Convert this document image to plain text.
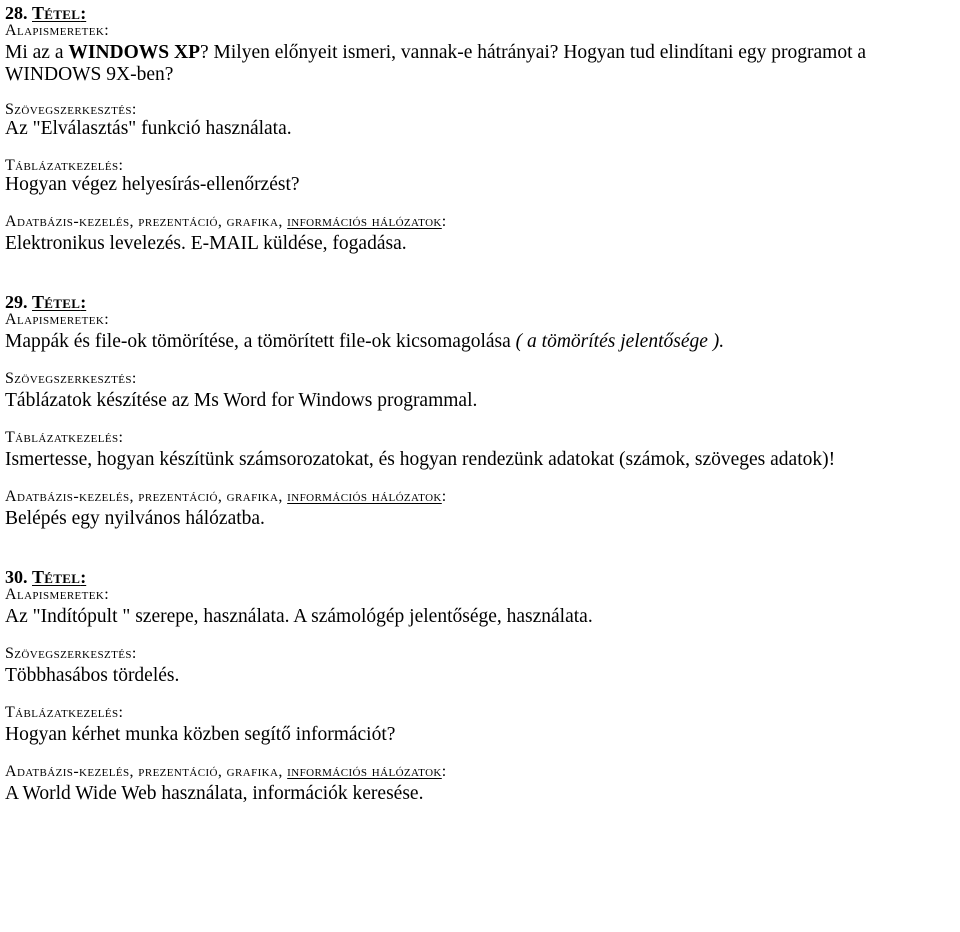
28. Tétel:
Alapismeretek:
Mi az a WINDOWS XP? Milyen előnyeit ismeri, vannak-e hátrányai? Hogyan tud elindítani egy programot a WINDOWS 9X-ben?
Szövegszerkesztés:
Az "Elválasztás" funkció használata.
Táblázatkezelés:
Hogyan végez helyesírás-ellenőrzést?
Adatbázis-kezelés, prezentáció, grafika, információs hálózatok:
Elektronikus levelezés. E-MAIL küldése, fogadása.
29. Tétel:
Alapismeretek:
Mappák és file-ok tömörítése, a tömörített file-ok kicsomagolása ( a tömörítés jelentősége ).
Szövegszerkesztés:
Táblázatok készítése az Ms Word for Windows programmal.
Táblázatkezelés:
Ismertesse, hogyan készítünk számsorozatokat, és hogyan rendezünk adatokat (számok, szöveges adatok)!
Adatbázis-kezelés, prezentáció, grafika, információs hálózatok:
Belépés egy nyilvános hálózatba.
30. Tétel:
Alapismeretek:
Az "Indítópult " szerepe, használata. A számológép jelentősége, használata.
Szövegszerkesztés:
Többhasábos tördelés.
Táblázatkezelés:
Hogyan kérhet munka közben segítő információt?
Adatbázis-kezelés, prezentáció, grafika, információs hálózatok:
A World Wide Web használata, információk keresése.
